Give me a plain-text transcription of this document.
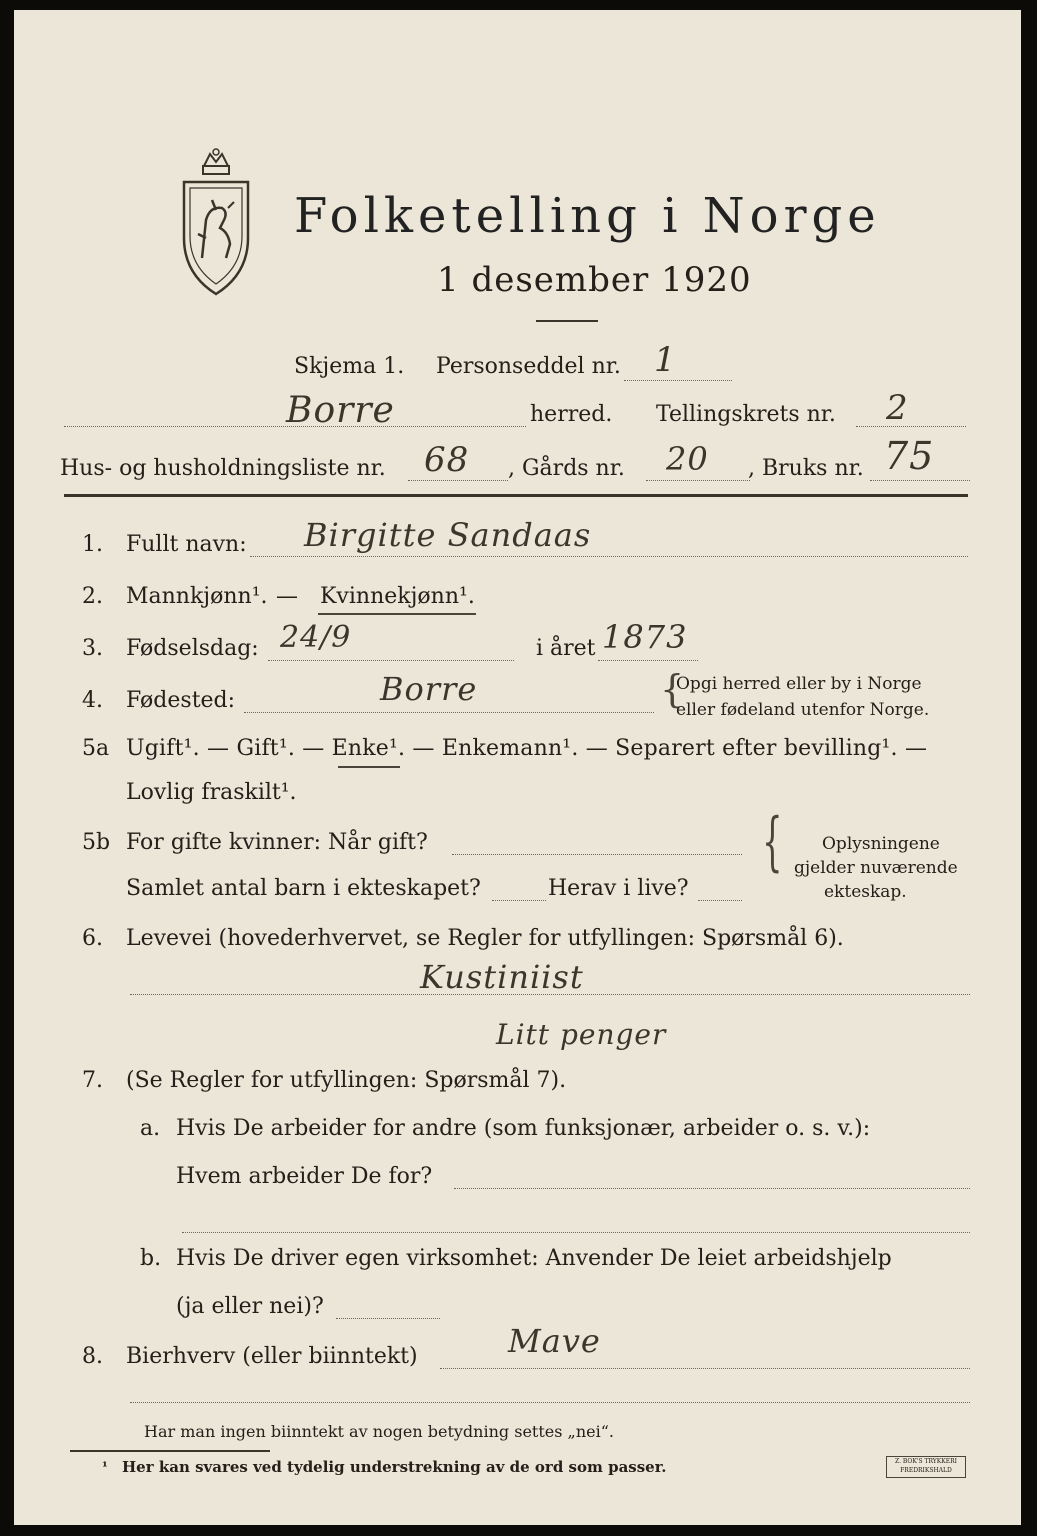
Folketelling i Norge
1 desember 1920
Skjema 1. Personseddel nr. 1
Borre	herred. Tellingskrets nr. 2
Hus- og husholdningsliste nr. 68 , Gårds nr. 20 , Bruks nr. 75
1. Fullt navn: Birgitte Sandaas
2. Mannkjønn¹. — Kvinnekjønn¹.
3. Fødselsdag: 24/9	i året 1873
4. Fødested:	Borre	{
Opgi herred eller by i Norge
eller fødeland utenfor Norge.
5a Ugift¹. — Gift¹. — Enke¹. — Enkemann¹. — Separert efter bevilling¹. —
Lovlig fraskilt¹.
5b For gifte kvinner: Når gift?
Samlet antal barn i ekteskapet?	Herav i live?
{ Oplysningene
gjelder nuværende
ekteskap.
6. Levevei (hovederhvervet, se Regler for utfyllingen: Spørsmål 6).
Kustiniist
Litt penger
7. (Se Regler for utfyllingen: Spørsmål 7).
a. Hvis De arbeider for andre (som funksjonær, arbeider o. s. v.):
Hvem arbeider De for?
b. Hvis De driver egen virksomhet: Anvender De leiet arbeidshjelp
(ja eller nei)?
8. Bierhverv (eller biinntekt)	Mave
Har man ingen biinntekt av nogen betydning settes „nei“.
¹ Her kan svares ved tydelig understrekning av de ord som passer.	Z. BOK'S TRYKKERI
FREDRIKSHALD
